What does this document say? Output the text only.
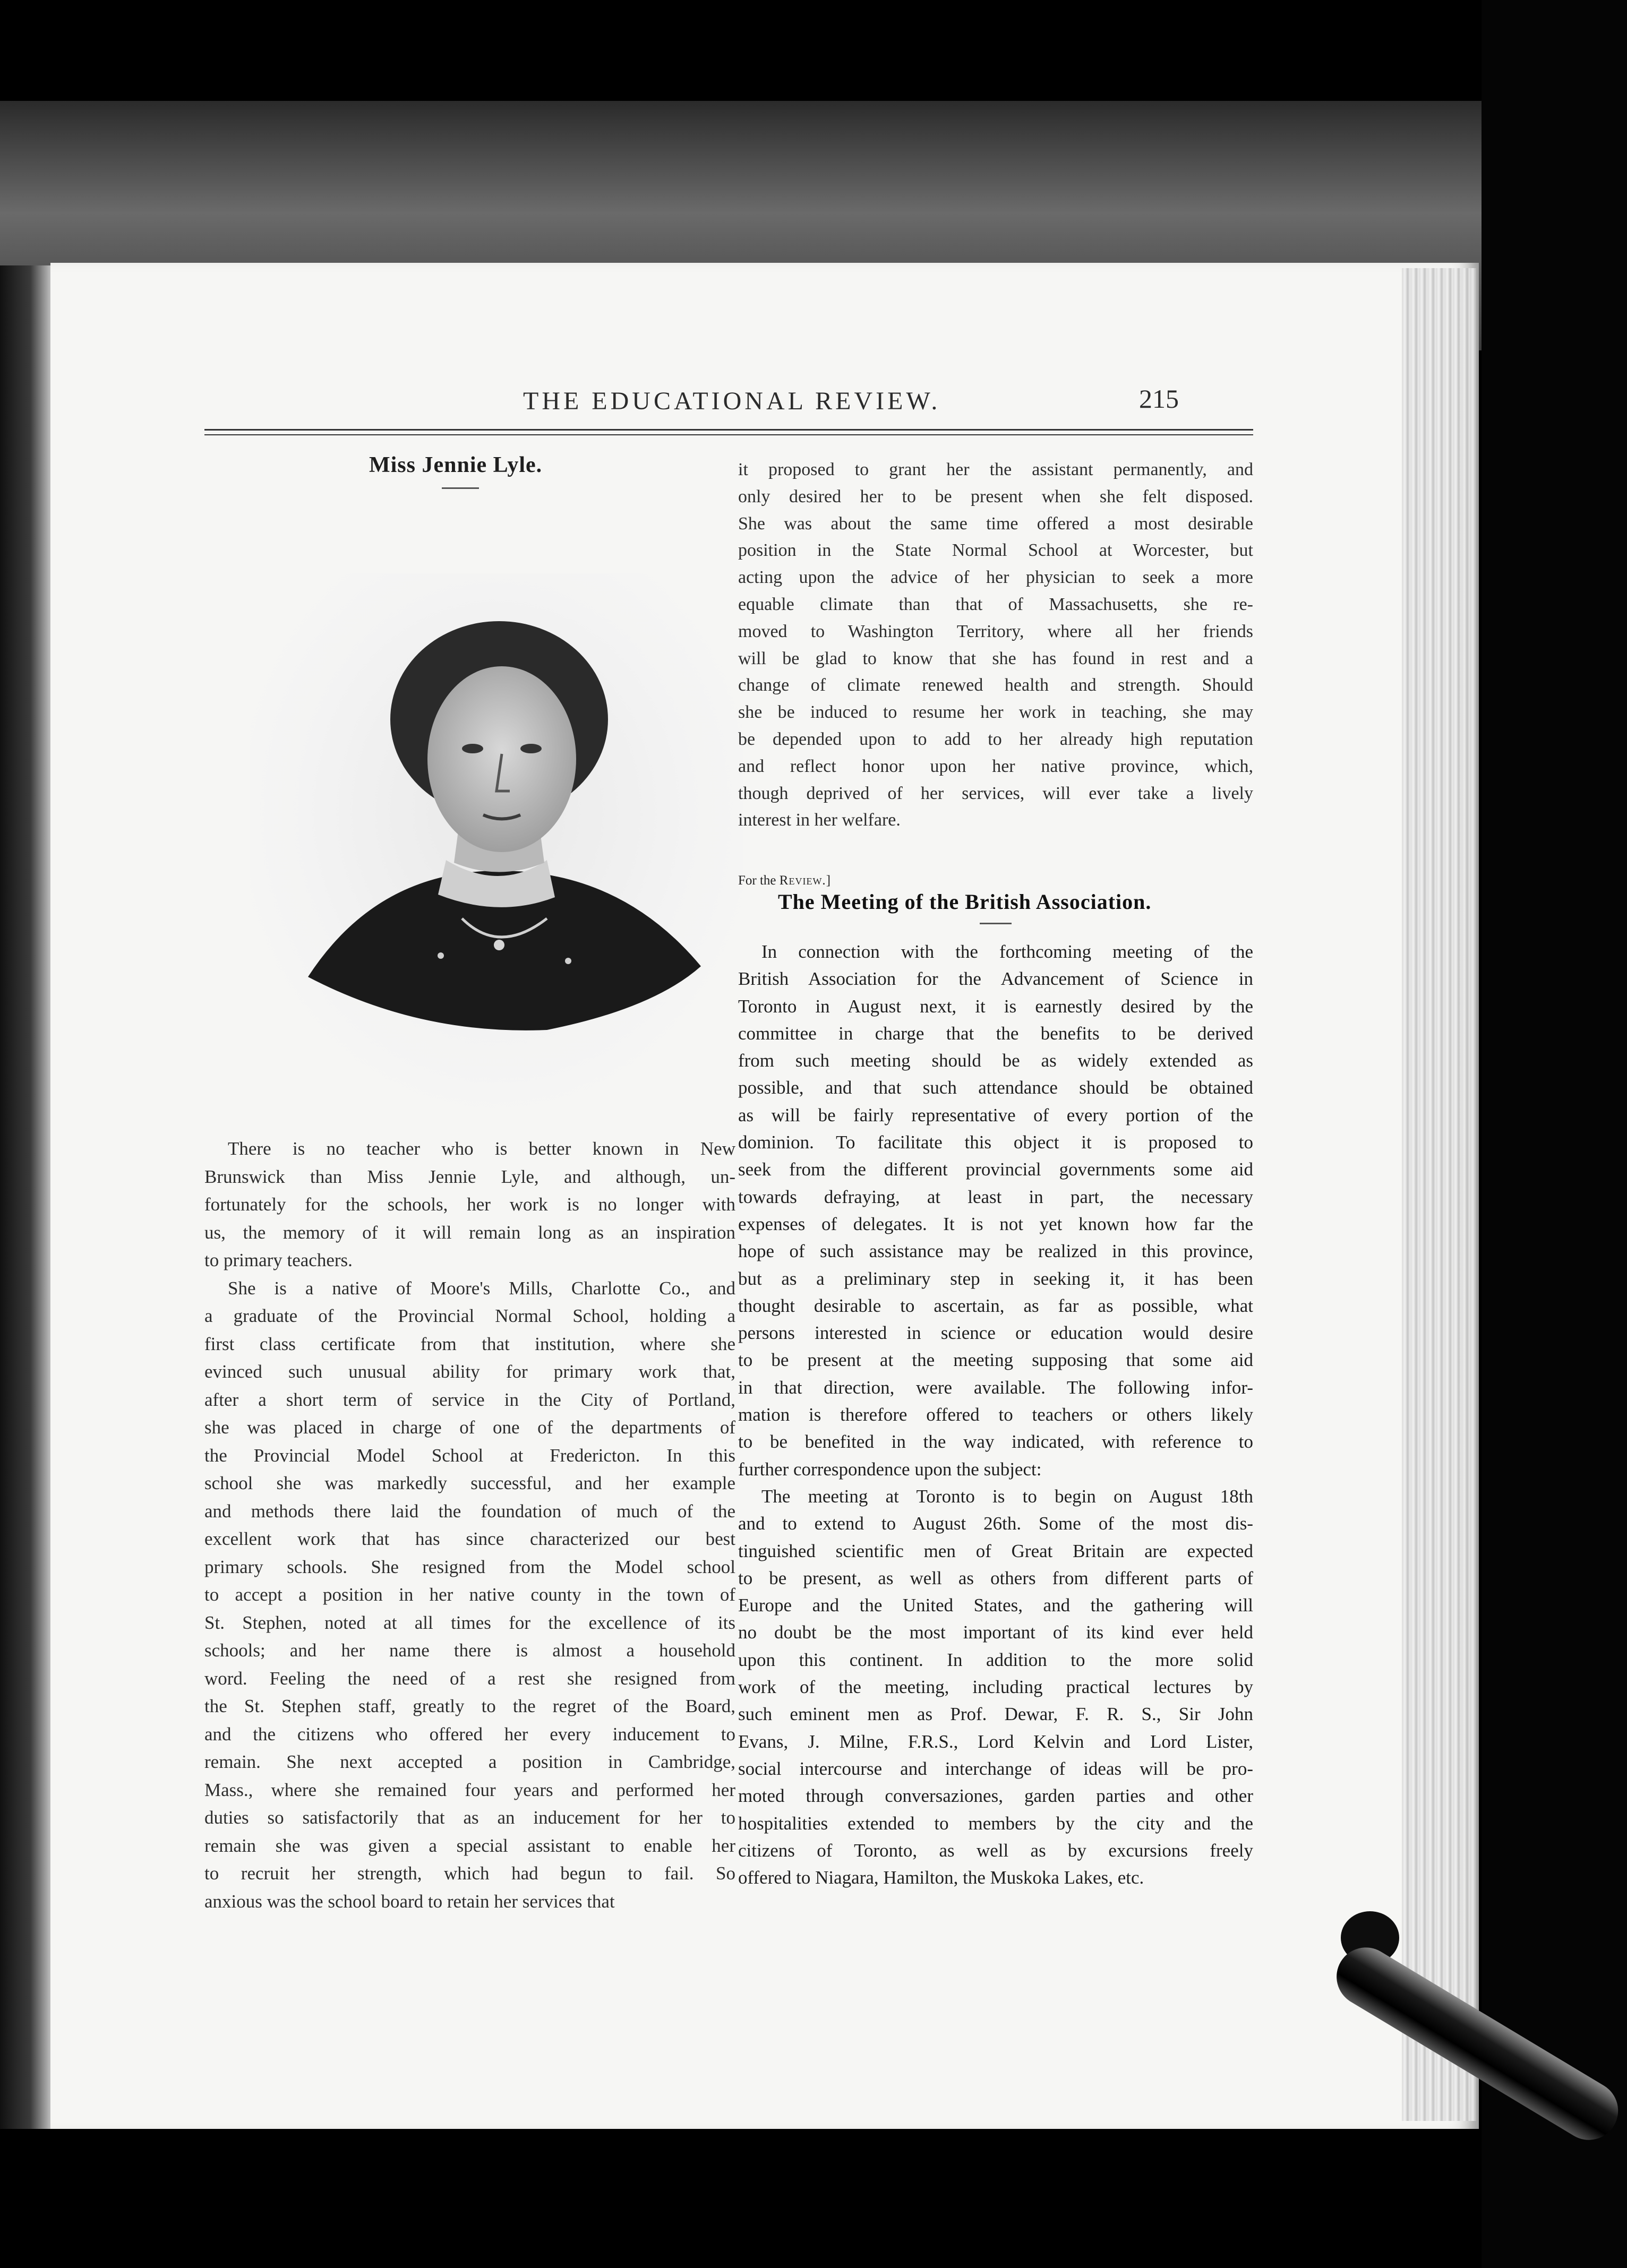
THE EDUCATIONAL REVIEW.	215
Miss Jennie Lyle.

There is no teacher who is better known in New
Brunswick than Miss Jennie Lyle, and although, un-
fortunately for the schools, her work is no longer with
us, the memory of it will remain long as an inspiration
to primary teachers.

She is a native of Moore's Mills, Charlotte Co., and
a graduate of the Provincial Normal School, holding a
first class certificate from that institution, where she
evinced such unusual ability for primary work that,
after a short term of service in the City of Portland,
she was placed in charge of one of the departments of
the Provincial Model School at Fredericton. In this
school she was markedly successful, and her example
and methods there laid the foundation of much of the
excellent work that has since characterized our best
primary schools. She resigned from the Model school
to accept a position in her native county in the town of
St. Stephen, noted at all times for the excellence of its
schools; and her name there is almost a household
word. Feeling the need of a rest she resigned from
the St. Stephen staff, greatly to the regret of the Board,
and the citizens who offered her every inducement to
remain. She next accepted a position in Cambridge,
Mass., where she remained four years and performed her
duties so satisfactorily that as an inducement for her to
remain she was given a special assistant to enable her
to recruit her strength, which had begun to fail. So
anxious was the school board to retain her services that

it proposed to grant her the assistant permanently, and
only desired her to be present when she felt disposed.
She was about the same time offered a most desirable
position in the State Normal School at Worcester, but
acting upon the advice of her physician to seek a more
equable climate than that of Massachusetts, she re-
moved to Washington Territory, where all her friends
will be glad to know that she has found in rest and a
change of climate renewed health and strength. Should
she be induced to resume her work in teaching, she may
be depended upon to add to her already high reputation
and reflect honor upon her native province, which,
though deprived of her services, will ever take a lively
interest in her welfare.

For the Review.]
The Meeting of the British Association.

In connection with the forthcoming meeting of the
British Association for the Advancement of Science in
Toronto in August next, it is earnestly desired by the
committee in charge that the benefits to be derived
from such meeting should be as widely extended as
possible, and that such attendance should be obtained
as will be fairly representative of every portion of the
dominion. To facilitate this object it is proposed to
seek from the different provincial governments some aid
towards defraying, at least in part, the necessary
expenses of delegates. It is not yet known how far the
hope of such assistance may be realized in this province,
but as a preliminary step in seeking it, it has been
thought desirable to ascertain, as far as possible, what
persons interested in science or education would desire
to be present at the meeting supposing that some aid
in that direction, were available. The following infor-
mation is therefore offered to teachers or others likely
to be benefited in the way indicated, with reference to
further correspondence upon the subject:

The meeting at Toronto is to begin on August 18th
and to extend to August 26th. Some of the most dis-
tinguished scientific men of Great Britain are expected
to be present, as well as others from different parts of
Europe and the United States, and the gathering will
no doubt be the most important of its kind ever held
upon this continent. In addition to the more solid
work of the meeting, including practical lectures by
such eminent men as Prof. Dewar, F. R. S., Sir John
Evans, J. Milne, F.R.S., Lord Kelvin and Lord Lister,
social intercourse and interchange of ideas will be pro-
moted through conversaziones, garden parties and other
hospitalities extended to members by the city and the
citizens of Toronto, as well as by excursions freely
offered to Niagara, Hamilton, the Muskoka Lakes, etc.
